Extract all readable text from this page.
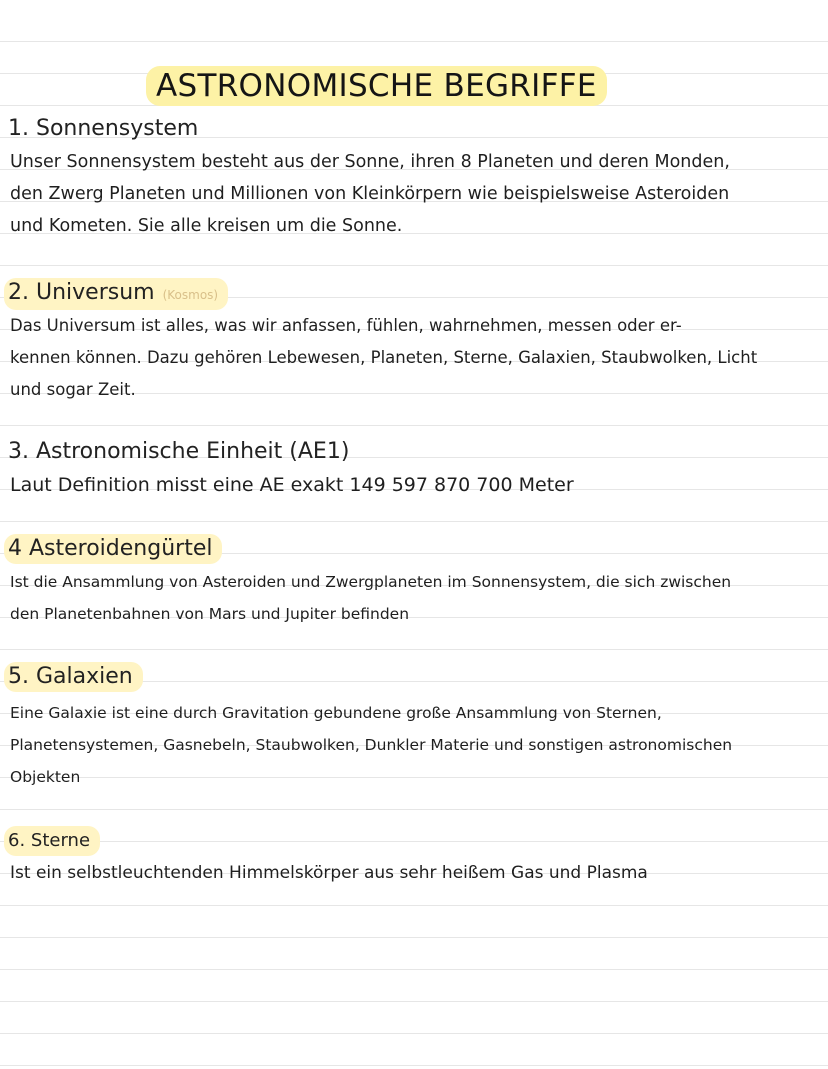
ASTRONOMISCHE BEGRIFFE
1. Sonnensystem
Unser Sonnensystem besteht aus der Sonne, ihren 8 Planeten und deren Monden,
den Zwerg Planeten und Millionen von Kleinkörpern wie beispielsweise Asteroiden
und Kometen. Sie alle kreisen um die Sonne.
2. Universum (Kosmos)
Das Universum ist alles, was wir anfassen, fühlen, wahrnehmen, messen oder er-
kennen können. Dazu gehören Lebewesen, Planeten, Sterne, Galaxien, Staubwolken, Licht
und sogar Zeit.
3. Astronomische Einheit (AE1)
Laut Definition misst eine AE exakt 149 597 870 700 Meter
4 Asteroidengürtel
Ist die Ansammlung von Asteroiden und Zwergplaneten im Sonnensystem, die sich zwischen
den Planetenbahnen von Mars und Jupiter befinden
5. Galaxien
Eine Galaxie ist eine durch Gravitation gebundene große Ansammlung von Sternen,
Planetensystemen, Gasnebeln, Staubwolken, Dunkler Materie und sonstigen astronomischen
Objekten
6. Sterne
Ist ein selbstleuchtenden Himmelskörper aus sehr heißem Gas und Plasma
